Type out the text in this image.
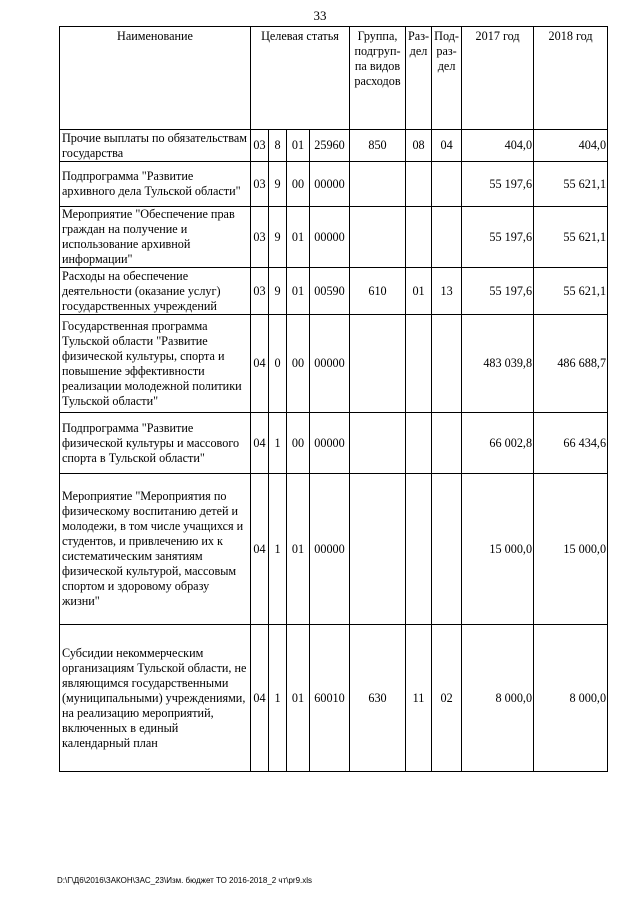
33
Наименование	Целевая статья				Группа, подгруп-па видов расходов	Раз-дел	Под-раз-дел	2017 год	2018 год
Прочие выплаты по обязательствам государства	03	8	01	25960	850	08	04	404,0	404,0
Подпрограмма "Развитие архивного дела Тульской области"	03	9	00	00000				55 197,6	55 621,1
Мероприятие "Обеспечение прав граждан на получение и использование архивной информации"	03	9	01	00000				55 197,6	55 621,1
Расходы на обеспечение деятельности (оказание услуг) государственных учреждений	03	9	01	00590	610	01	13	55 197,6	55 621,1
Государственная программа Тульской области "Развитие физической культуры, спорта и повышение эффективности реализации молодежной политики Тульской области"	04	0	00	00000				483 039,8	486 688,7
Подпрограмма "Развитие физической культуры и массового спорта в Тульской области"	04	1	00	00000				66 002,8	66 434,6
Мероприятие "Мероприятия по физическому воспитанию детей и молодежи, в том числе учащихся и студентов, и привлечению их к систематическим занятиям физической культурой, массовым спортом и здоровому образу жизни"	04	1	01	00000				15 000,0	15 000,0
Субсидии некоммерческим организациям Тульской области, не являющимся государственными (муниципальными) учреждениями, на реализацию мероприятий, включенных в единый календарный план	04	1	01	60010	630	11	02	8 000,0	8 000,0
D:\Г\Д6\2016\ЗАКОН\ЗАС_23\Изм. бюджет ТО 2016-2018_2 чт\pr9.xls
